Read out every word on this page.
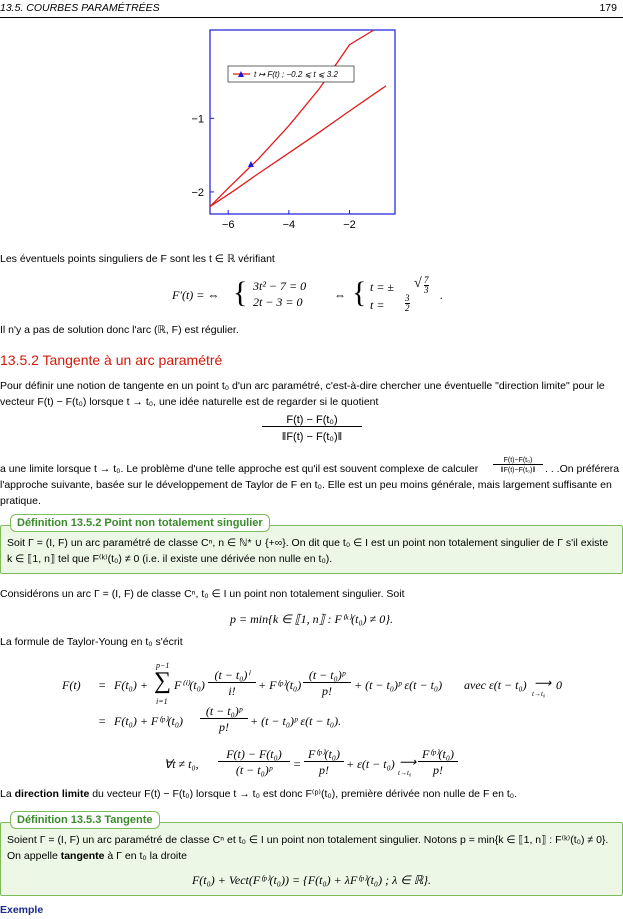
13.5. COURBES PARAMÉTRÉES	179
−6	−4	−2
−1
−2
t ↦ F(t) ; −0.2 ⩽ t ⩽ 3.2
Les éventuels points singuliers de F sont les t ∈ ℝ vérifiant
F′(t) = ⇔ { 3t² − 7 = 0
2t − 3 = 0	⇔ { t = ± √ 7
3
t = 3
2
.
Il n'y a pas de solution donc l'arc (ℝ, F) est régulier.
13.5.2 Tangente à un arc paramétré
Pour définir une notion de tangente en un point t₀ d'un arc paramétré, c'est-à-dire chercher une éventuelle "direction limite" pour le vecteur F(t) − F(t₀) lorsque t → t₀, une idée naturelle est de regarder si le quotient
F(t) − F(t₀)
‖F(t) − F(t₀)‖
a une limite lorsque t → t₀. Le problème d'une telle approche est qu'il est souvent complexe de calculer
F(t)−F(t₀)
‖F(t)−F(t₀)‖ . . .On préférera
l'approche suivante, basée sur le développement de Taylor de F en t₀. Elle est un peu moins générale, mais largement suffisante en pratique.
Soit Γ = (I, F) un arc paramétré de classe Cⁿ, n ∈ ℕ* ∪ {+∞}. On dit que t₀ ∈ I est un point non totalement singulier de Γ s'il existe k ∈ ⟦1, n⟧ tel que F⁽ᵏ⁾(t₀) ≠ 0 (i.e. il existe une dérivée non nulle en t₀).
Définition 13.5.2 Point non totalement singulier
Considérons un arc Γ = (I, F) de classe Cⁿ, t₀ ∈ I un point non totalement singulier. Soit
p = min{k ∈ ⟦1, n⟧ : F⁽ᵏ⁾(t₀) ≠ 0}.
La formule de Taylor-Young en t₀ s'écrit
F(t) = F(t₀) +
p−1
∑
i=1
F⁽ⁱ⁾(t₀)
(t − t₀)ⁱ
i!	+ F⁽ᵖ⁾(t₀)
(t − t₀)ᵖ
p!	+ (t − t₀)ᵖ ε(t − t₀) avec ε(t − t₀) ⟶
t→t₀
0
= F(t₀) + F⁽ᵖ⁾(t₀)
(t − t₀)ᵖ
p!	+ (t − t₀)ᵖ ε(t − t₀).
∀t ≠ t₀,
F(t) − F(t₀)
(t − t₀)ᵖ	=
F⁽ᵖ⁾(t₀)
p!	+ ε(t − t₀) ⟶
t→t₀
F⁽ᵖ⁾(t₀)
p!
La direction limite du vecteur F(t) − F(t₀) lorsque t → t₀ est donc F⁽ᵖ⁾(t₀), première dérivée non nulle de F en t₀.
Soient Γ = (I, F) un arc paramétré de classe Cⁿ et t₀ ∈ I un point non totalement singulier. Notons p = min{k ∈ ⟦1, n⟧ : F⁽ᵏ⁾(t₀) ≠ 0}. On appelle tangente à Γ en t₀ la droite
F(t₀) + Vect(F⁽ᵖ⁾(t₀)) = {F(t₀) + λF⁽ᵖ⁾(t₀) ; λ ∈ ℝ}.
Définition 13.5.3 Tangente
Exemple
